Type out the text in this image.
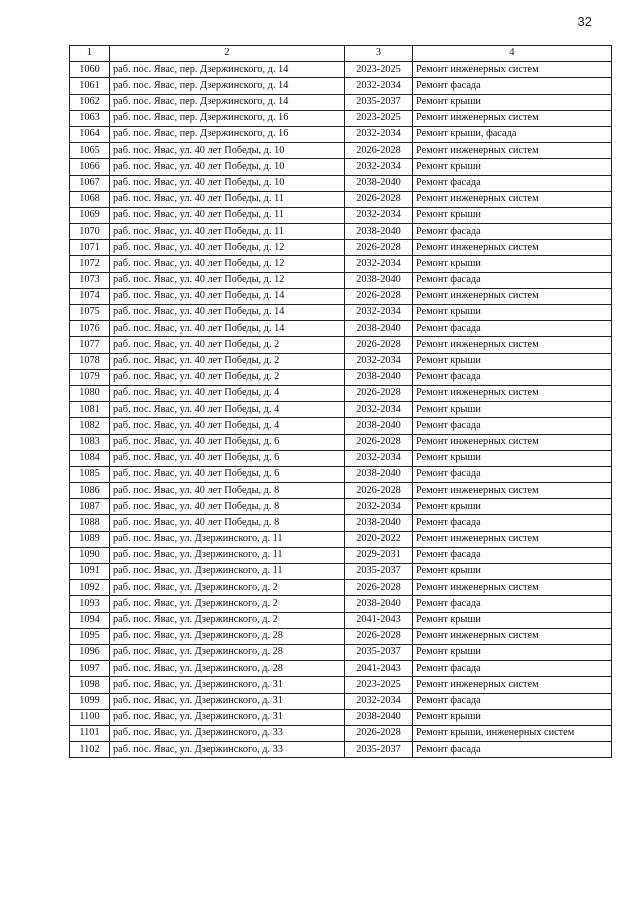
32
1	2	3	4
1060	раб. пос. Явас, пер. Дзержинского, д. 14	2023-2025	Ремонт инженерных систем
1061	раб. пос. Явас, пер. Дзержинского, д. 14	2032-2034	Ремонт фасада
1062	раб. пос. Явас, пер. Дзержинского, д. 14	2035-2037	Ремонт крыши
1063	раб. пос. Явас, пер. Дзержинского, д. 16	2023-2025	Ремонт инженерных систем
1064	раб. пос. Явас, пер. Дзержинского, д. 16	2032-2034	Ремонт крыши, фасада
1065	раб. пос. Явас, ул. 40 лет Победы, д. 10	2026-2028	Ремонт инженерных систем
1066	раб. пос. Явас, ул. 40 лет Победы, д. 10	2032-2034	Ремонт крыши
1067	раб. пос. Явас, ул. 40 лет Победы, д. 10	2038-2040	Ремонт фасада
1068	раб. пос. Явас, ул. 40 лет Победы, д. 11	2026-2028	Ремонт инженерных систем
1069	раб. пос. Явас, ул. 40 лет Победы, д. 11	2032-2034	Ремонт крыши
1070	раб. пос. Явас, ул. 40 лет Победы, д. 11	2038-2040	Ремонт фасада
1071	раб. пос. Явас, ул. 40 лет Победы, д. 12	2026-2028	Ремонт инженерных систем
1072	раб. пос. Явас, ул. 40 лет Победы, д. 12	2032-2034	Ремонт крыши
1073	раб. пос. Явас, ул. 40 лет Победы, д. 12	2038-2040	Ремонт фасада
1074	раб. пос. Явас, ул. 40 лет Победы, д. 14	2026-2028	Ремонт инженерных систем
1075	раб. пос. Явас, ул. 40 лет Победы, д. 14	2032-2034	Ремонт крыши
1076	раб. пос. Явас, ул. 40 лет Победы, д. 14	2038-2040	Ремонт фасада
1077	раб. пос. Явас, ул. 40 лет Победы, д. 2	2026-2028	Ремонт инженерных систем
1078	раб. пос. Явас, ул. 40 лет Победы, д. 2	2032-2034	Ремонт крыши
1079	раб. пос. Явас, ул. 40 лет Победы, д. 2	2038-2040	Ремонт фасада
1080	раб. пос. Явас, ул. 40 лет Победы, д. 4	2026-2028	Ремонт инженерных систем
1081	раб. пос. Явас, ул. 40 лет Победы, д. 4	2032-2034	Ремонт крыши
1082	раб. пос. Явас, ул. 40 лет Победы, д. 4	2038-2040	Ремонт фасада
1083	раб. пос. Явас, ул. 40 лет Победы, д. 6	2026-2028	Ремонт инженерных систем
1084	раб. пос. Явас, ул. 40 лет Победы, д. 6	2032-2034	Ремонт крыши
1085	раб. пос. Явас, ул. 40 лет Победы, д. 6	2038-2040	Ремонт фасада
1086	раб. пос. Явас, ул. 40 лет Победы, д. 8	2026-2028	Ремонт инженерных систем
1087	раб. пос. Явас, ул. 40 лет Победы, д. 8	2032-2034	Ремонт крыши
1088	раб. пос. Явас, ул. 40 лет Победы, д. 8	2038-2040	Ремонт фасада
1089	раб. пос. Явас, ул. Дзержинского, д. 11	2020-2022	Ремонт инженерных систем
1090	раб. пос. Явас, ул. Дзержинского, д. 11	2029-2031	Ремонт фасада
1091	раб. пос. Явас, ул. Дзержинского, д. 11	2035-2037	Ремонт крыши
1092	раб. пос. Явас, ул. Дзержинского, д. 2	2026-2028	Ремонт инженерных систем
1093	раб. пос. Явас, ул. Дзержинского, д. 2	2038-2040	Ремонт фасада
1094	раб. пос. Явас, ул. Дзержинского, д. 2	2041-2043	Ремонт крыши
1095	раб. пос. Явас, ул. Дзержинского, д. 28	2026-2028	Ремонт инженерных систем
1096	раб. пос. Явас, ул. Дзержинского, д. 28	2035-2037	Ремонт крыши
1097	раб. пос. Явас, ул. Дзержинского, д. 28	2041-2043	Ремонт фасада
1098	раб. пос. Явас, ул. Дзержинского, д. 31	2023-2025	Ремонт инженерных систем
1099	раб. пос. Явас, ул. Дзержинского, д. 31	2032-2034	Ремонт фасада
1100	раб. пос. Явас, ул. Дзержинского, д. 31	2038-2040	Ремонт крыши
1101	раб. пос. Явас, ул. Дзержинского, д. 33	2026-2028	Ремонт крыши, инженерных систем
1102	раб. пос. Явас, ул. Дзержинского, д. 33	2035-2037	Ремонт фасада
